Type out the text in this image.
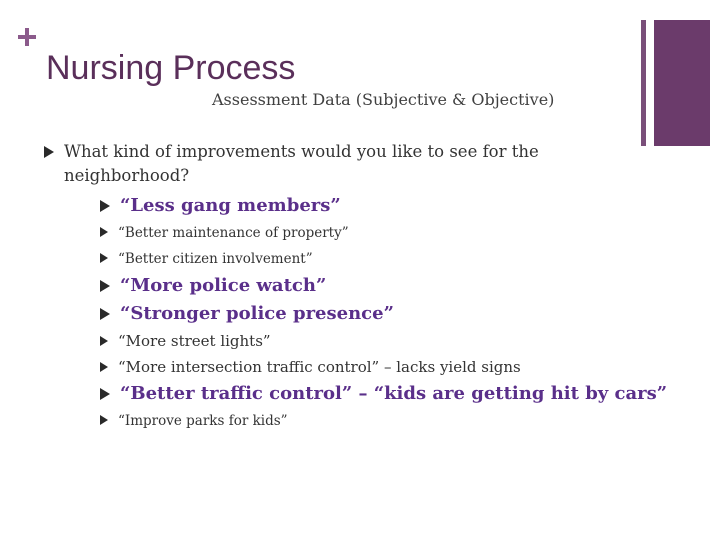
Nursing Process
Assessment Data (Subjective & Objective)
What kind of improvements would you like to see for the
neighborhood?
“Less gang members”
“Better maintenance of property”
“Better citizen involvement”
“More police watch”
“Stronger police presence”
“More street lights”
“More intersection traffic control” – lacks yield signs
“Better traffic control” – “kids are getting hit by cars”
“Improve parks for kids”
